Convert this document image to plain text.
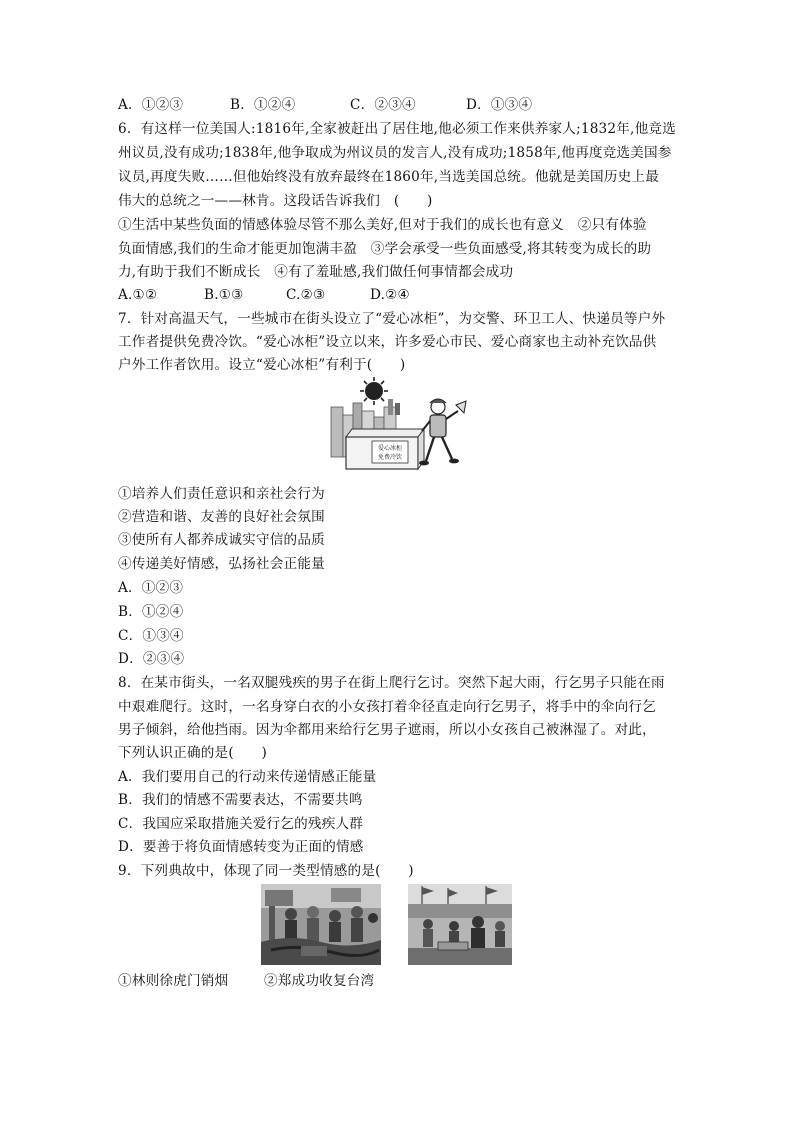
A．①②③	B．①②④	C．②③④	D．①③④
6．有这样一位美国人:1816年,全家被赶出了居住地,他必须工作来供养家人;1832年,他竞选
州议员,没有成功;1838年,他争取成为州议员的发言人,没有成功;1858年,他再度竞选美国参
议员,再度失败……但他始终没有放弃最终在1860年,当选美国总统。他就是美国历史上最
伟大的总统之一——林肯。这段话告诉我们　(　　)
①生活中某些负面的情感体验尽管不那么美好,但对于我们的成长也有意义　②只有体验
负面情感,我们的生命才能更加饱满丰盈　③学会承受一些负面感受,将其转变为成长的助
力,有助于我们不断成长　④有了羞耻感,我们做任何事情都会成功
A.①②	B.①③	C.②③	D.②④
7．针对高温天气，一些城市在街头设立了“爱心冰柜”，为交警、环卫工人、快递员等户外
工作者提供免费冷饮。“爱心冰柜”设立以来，许多爱心市民、爱心商家也主动补充饮品供
户外工作者饮用。设立“爱心冰柜”有利于(　　)
爱心冰柜
免费冷饮
①培养人们责任意识和亲社会行为
②营造和谐、友善的良好社会氛围
③使所有人都养成诚实守信的品质
④传递美好情感，弘扬社会正能量
A．①②③
B．①②④
C．①③④
D．②③④
8．在某市街头，一名双腿残疾的男子在街上爬行乞讨。突然下起大雨，行乞男子只能在雨
中艰难爬行。这时，一名身穿白衣的小女孩打着伞径直走向行乞男子，将手中的伞向行乞
男子倾斜，给他挡雨。因为伞都用来给行乞男子遮雨，所以小女孩自己被淋湿了。对此，
下列认识正确的是(　　)
A．我们要用自己的行动来传递情感正能量
B．我们的情感不需要表达，不需要共鸣
C．我国应采取措施关爱行乞的残疾人群
D．要善于将负面情感转变为正面的情感
9．下列典故中，体现了同一类型情感的是(　　)
①林则徐虎门销烟	②郑成功收复台湾
